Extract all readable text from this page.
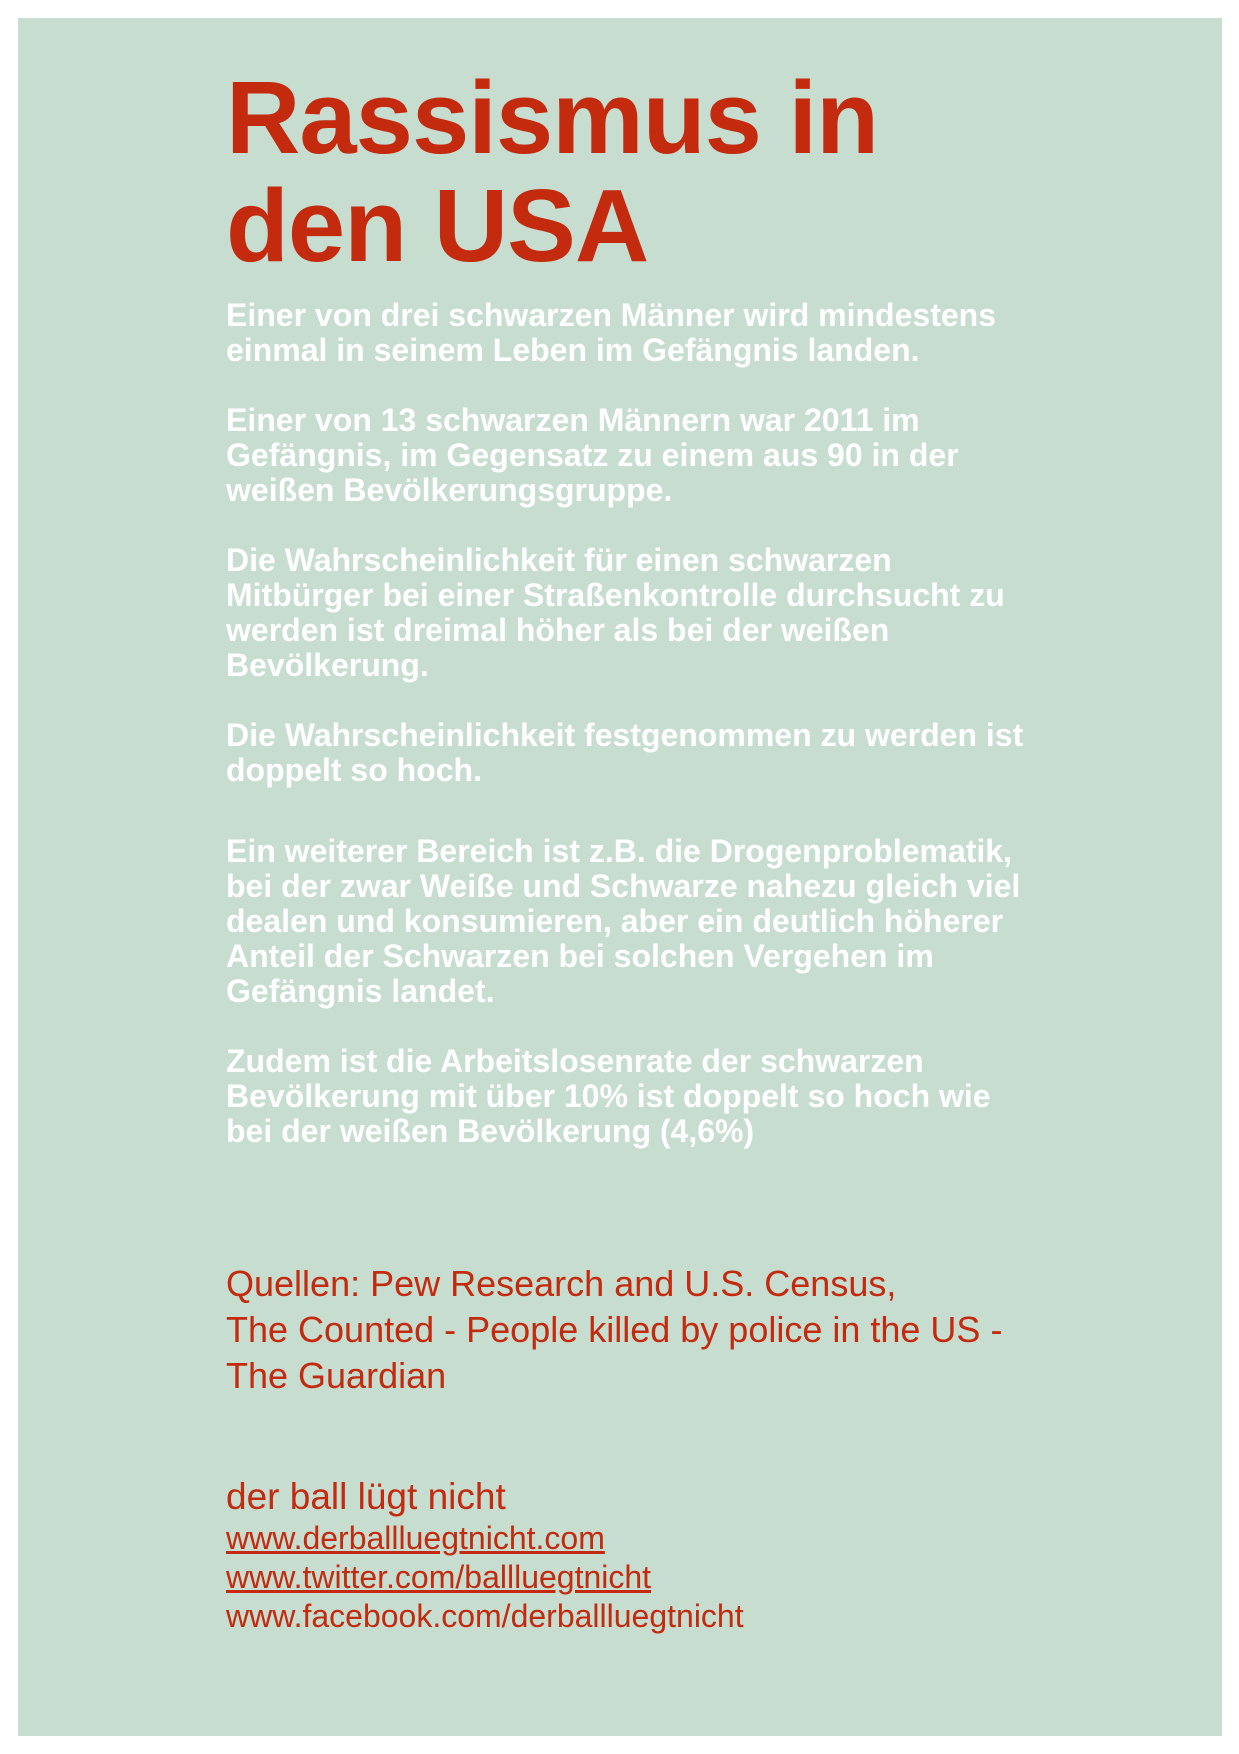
Rassismus in
den USA

Einer von drei schwarzen Männer wird mindestens
einmal in seinem Leben im Gefängnis landen.

Einer von 13 schwarzen Männern war 2011 im
Gefängnis, im Gegensatz zu einem aus 90 in der
weißen Bevölkerungsgruppe.

Die Wahrscheinlichkeit für einen schwarzen
Mitbürger bei einer Straßenkontrolle durchsucht zu
werden ist dreimal höher als bei der weißen
Bevölkerung.

Die Wahrscheinlichkeit festgenommen zu werden ist
doppelt so hoch.

Ein weiterer Bereich ist z.B. die Drogenproblematik,
bei der zwar Weiße und Schwarze nahezu gleich viel
dealen und konsumieren, aber ein deutlich höherer
Anteil der Schwarzen bei solchen Vergehen im
Gefängnis landet.

Zudem ist die Arbeitslosenrate der schwarzen
Bevölkerung mit über 10% ist doppelt so hoch wie
bei der weißen Bevölkerung (4,6%)

Quellen: Pew Research and U.S. Census,
The Counted - People killed by police in the US -
The Guardian
der ball lügt nicht
www.derballluegtnicht.com
www.twitter.com/ballluegtnicht
www.facebook.com/derballluegtnicht
